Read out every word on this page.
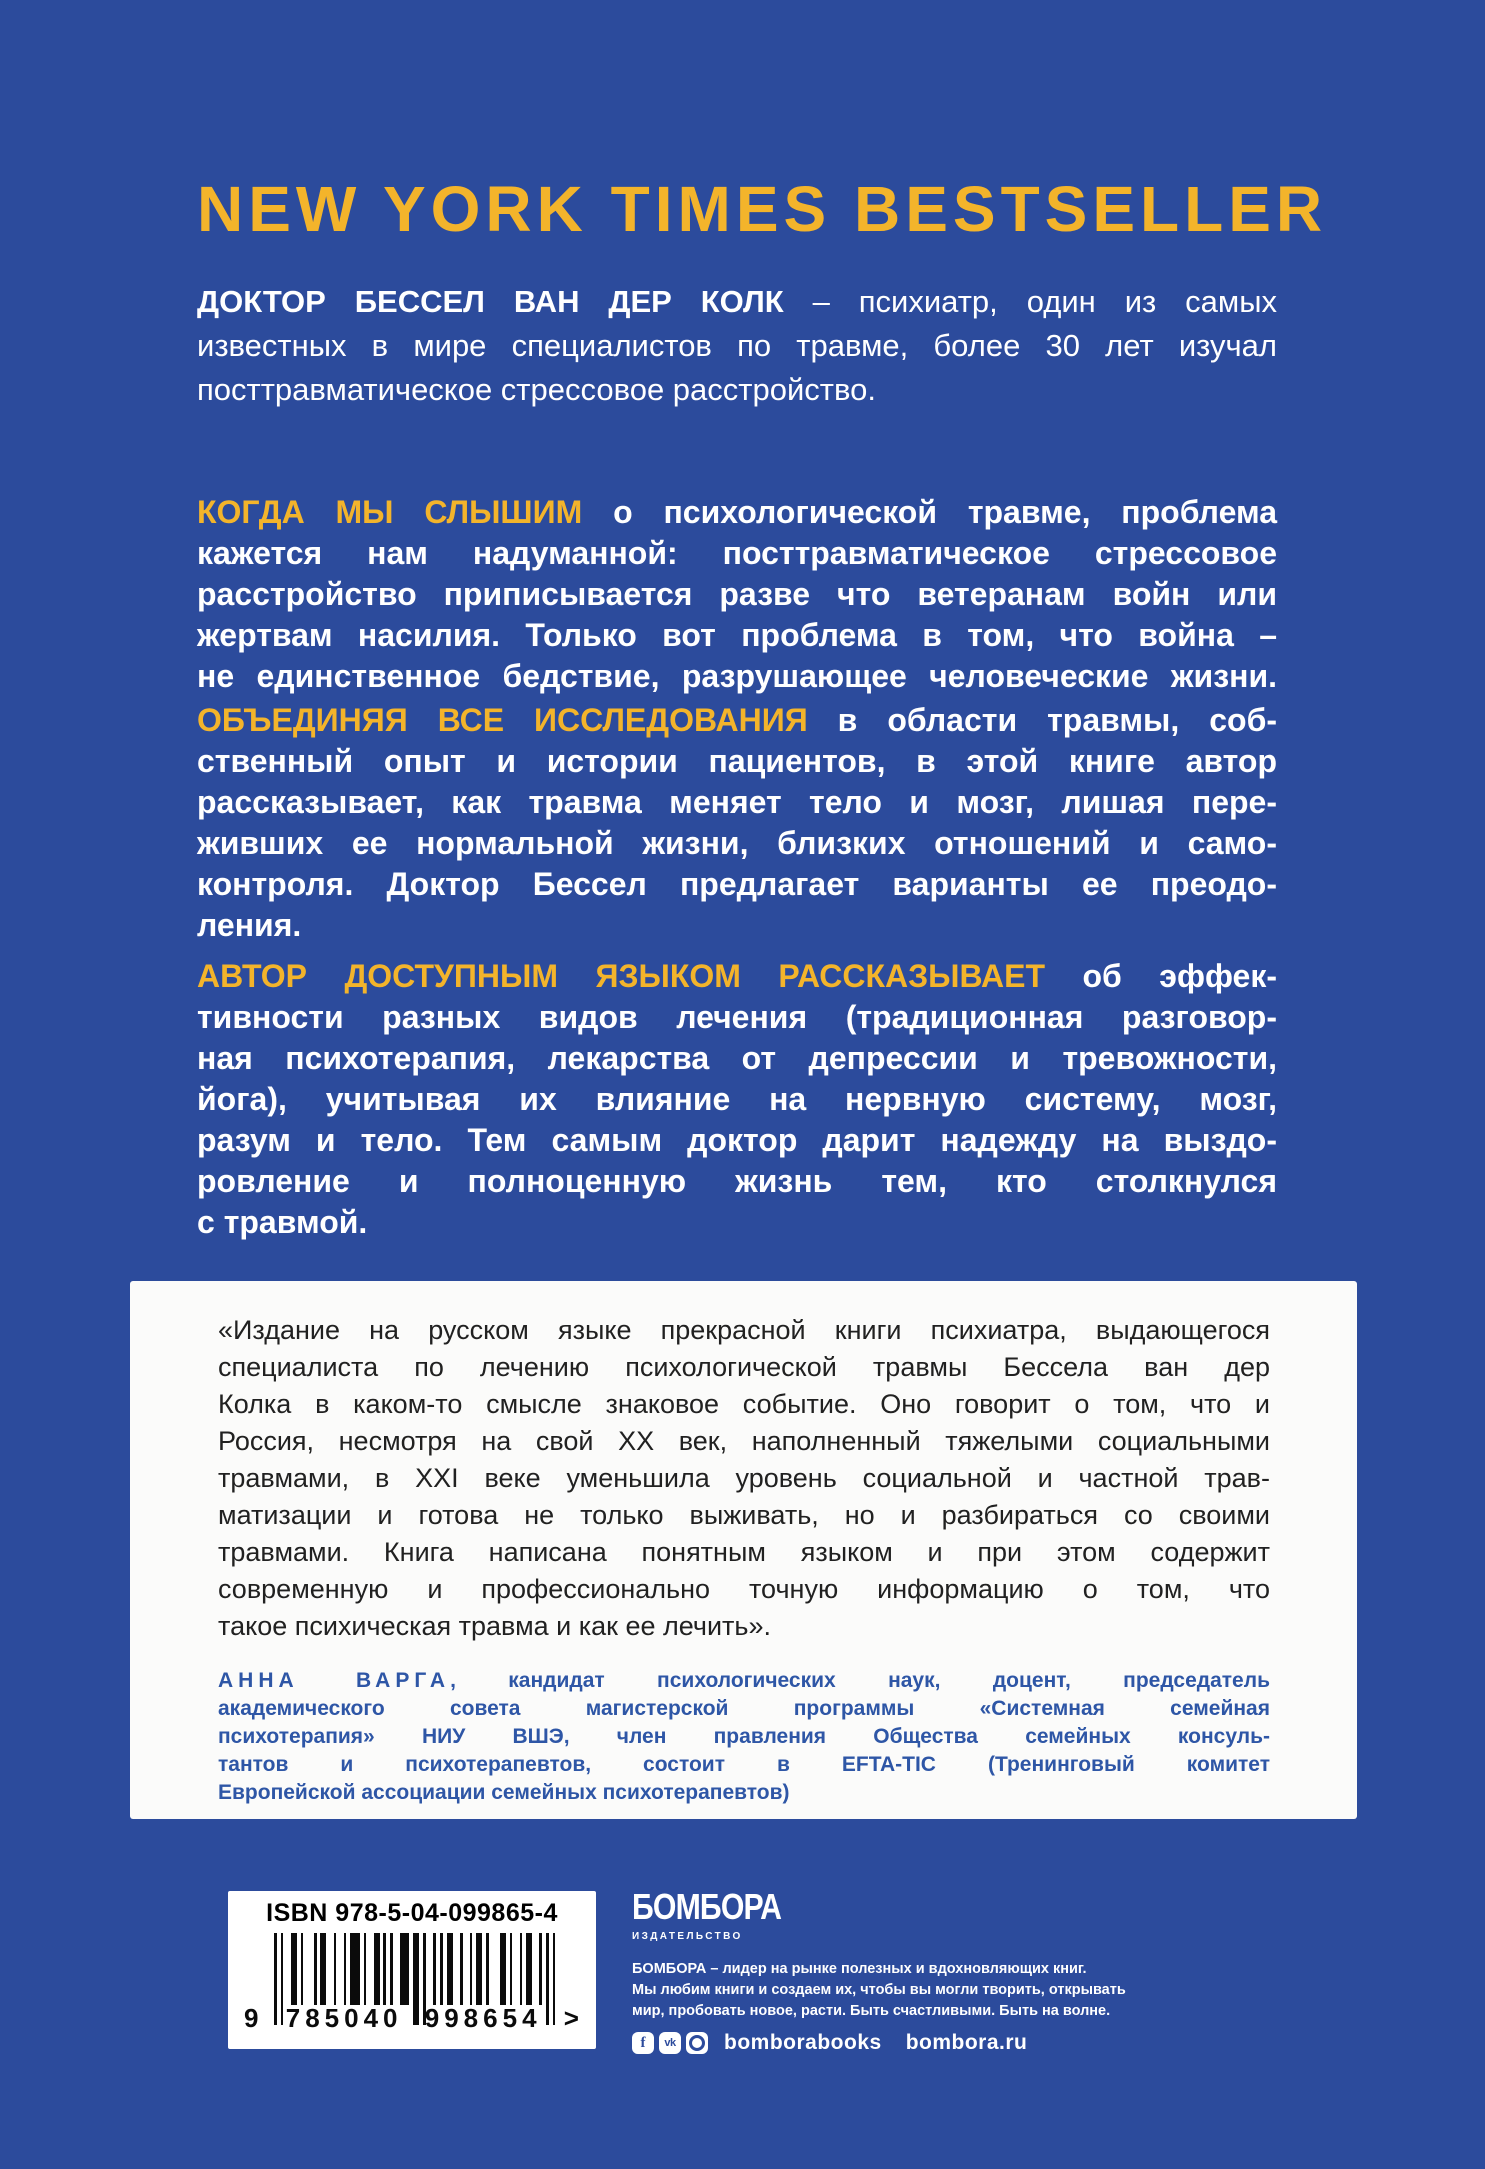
NEW YORK TIMES BESTSELLER
ДОКТОР БЕССЕЛ ВАН ДЕР КОЛК – психиатр, один из самых
известных в мире специалистов по травме, более 30 лет изучал
посттравматическое стрессовое расстройство.
КОГДА МЫ СЛЫШИМ о психологической травме, проблема
кажется нам надуманной: посттравматическое стрессовое
расстройство приписывается разве что ветеранам войн или
жертвам насилия. Только вот проблема в том, что война –
не единственное бедствие, разрушающее человеческие жизни.
ОБЪЕДИНЯЯ ВСЕ ИССЛЕДОВАНИЯ в области травмы, соб-
ственный опыт и истории пациентов, в этой книге автор
рассказывает, как травма меняет тело и мозг, лишая пере-
живших ее нормальной жизни, близких отношений и само-
контроля. Доктор Бессел предлагает варианты ее преодо-
ления.
АВТОР ДОСТУПНЫМ ЯЗЫКОМ РАССКАЗЫВАЕТ об эффек-
тивности разных видов лечения (традиционная разговор-
ная психотерапия, лекарства от депрессии и тревожности,
йога), учитывая их влияние на нервную систему, мозг,
разум и тело. Тем самым доктор дарит надежду на выздо-
ровление и полноценную жизнь тем, кто столкнулся
с травмой.
«Издание на русском языке прекрасной книги психиатра, выдающегося
специалиста по лечению психологической травмы Бессела ван дер
Колка в каком-то смысле знаковое событие. Оно говорит о том, что и
Россия, несмотря на свой XX век, наполненный тяжелыми социальными
травмами, в XXI веке уменьшила уровень социальной и частной трав-
матизации и готова не только выживать, но и разбираться со своими
травмами. Книга написана понятным языком и при этом содержит
современную и профессионально точную информацию о том, что
такое психическая травма и как ее лечить».
АННА ВАРГА, кандидат психологических наук, доцент, председатель
академического совета магистерской программы «Системная семейная
психотерапия» НИУ ВШЭ, член правления Общества семейных консуль-
тантов и психотерапевтов, состоит в EFTA-TIC (Тренинговый комитет
Европейской ассоциации семейных психотерапевтов)
ISBN 978-5-04-099865-4
9 785040 998654 >
БОМБОРА
ИЗДАТЕЛЬСТВО
БОМБОРА – лидер на рынке полезных и вдохновляющих книг.
Мы любим книги и создаем их, чтобы вы могли творить, открывать
мир, пробовать новое, расти. Быть счастливыми. Быть на волне.
f	vk bomborabooks bombora.ru
